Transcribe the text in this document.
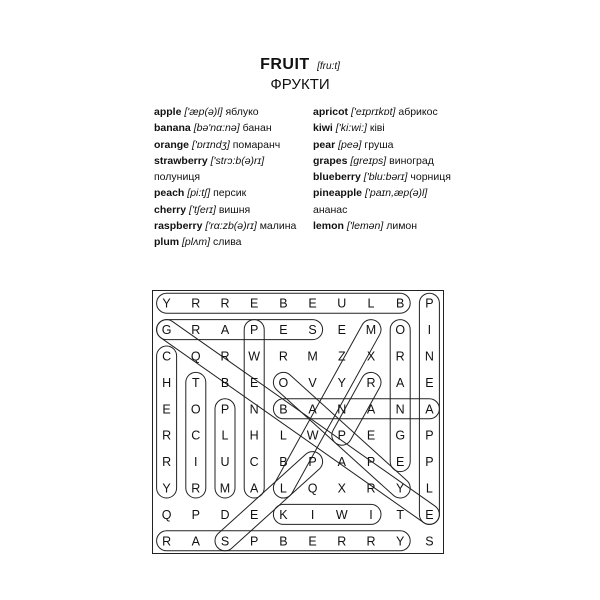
FRUIT [fru:t]
ФРУКТИ
apple ['æp(ə)l] яблуко
banana [bə'nα:nə] банан
orange ['ɒrɪndʒ] помаранч
strawberry ['strɔ:b(ə)rɪ]
полуниця
peach [pi:tʃ] персик
cherry ['tʃerɪ] вишня
raspberry ['rα:zb(ə)rɪ] малина
plum [plʌm] слива
apricot ['eɪprɪkɒt] абрикос
kiwi ['ki:wi:] ківі
pear [peə] груша
grapes [greɪps] виноград
blueberry ['blu:bərɪ] чорниця
pineapple ['paɪn,æp(ə)l]
ананас
lemon ['lemən] лимон
Y R R E B E U L B P
G R A P E S E M O I
C Q R W R M Z X R N
H T B E O V Y R A E
E O P N B A N A N A
R C L H L W P E G P
R I U C B P A P E P
Y R M A L Q X R Y L
Q P D E K I W I T E
R A S P B E R R Y S
